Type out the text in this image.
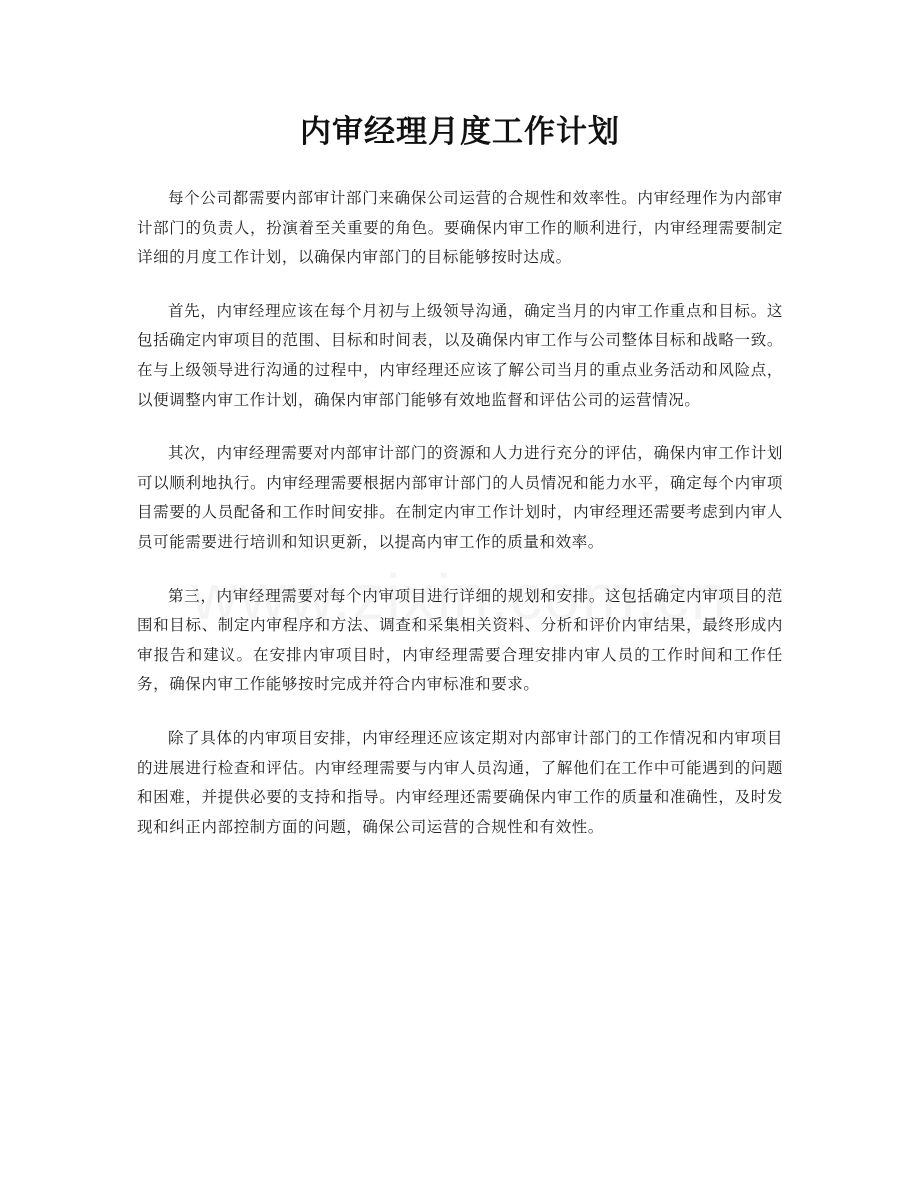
内审经理月度工作计划

每个公司都需要内部审计部门来确保公司运营的合规性和效率性。内审经理作为内部审计部门的负责人，扮演着至关重要的角色。要确保内审工作的顺利进行，内审经理需要制定详细的月度工作计划，以确保内审部门的目标能够按时达成。

首先，内审经理应该在每个月初与上级领导沟通，确定当月的内审工作重点和目标。这包括确定内审项目的范围、目标和时间表，以及确保内审工作与公司整体目标和战略一致。在与上级领导进行沟通的过程中，内审经理还应该了解公司当月的重点业务活动和风险点，以便调整内审工作计划，确保内审部门能够有效地监督和评估公司的运营情况。

其次，内审经理需要对内部审计部门的资源和人力进行充分的评估，确保内审工作计划可以顺利地执行。内审经理需要根据内部审计部门的人员情况和能力水平，确定每个内审项目需要的人员配备和工作时间安排。在制定内审工作计划时，内审经理还需要考虑到内审人员可能需要进行培训和知识更新，以提高内审工作的质量和效率。

第三，内审经理需要对每个内审项目进行详细的规划和安排。这包括确定内审项目的范围和目标、制定内审程序和方法、调查和采集相关资料、分析和评价内审结果，最终形成内审报告和建议。在安排内审项目时，内审经理需要合理安排内审人员的工作时间和工作任务，确保内审工作能够按时完成并符合内审标准和要求。

除了具体的内审项目安排，内审经理还应该定期对内部审计部门的工作情况和内审项目的进展进行检查和评估。内审经理需要与内审人员沟通，了解他们在工作中可能遇到的问题和困难，并提供必要的支持和指导。内审经理还需要确保内审工作的质量和准确性，及时发现和纠正内部控制方面的问题，确保公司运营的合规性和有效性。
